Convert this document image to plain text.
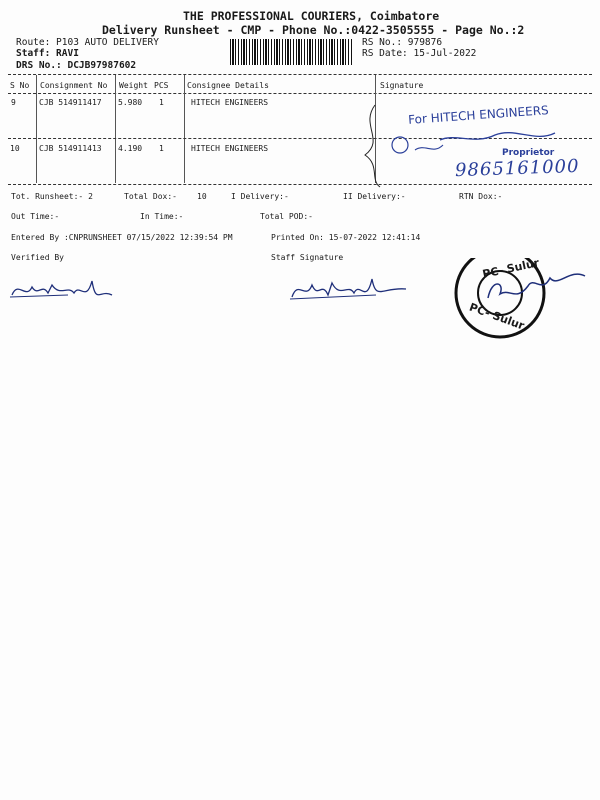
THE PROFESSIONAL COURIERS, Coimbatore
Delivery Runsheet - CMP - Phone No.:0422-3505555 - Page No.:2
Route: P103 AUTO DELIVERY
Staff: RAVI
DRS No.: DCJB97987602
RS No.: 979876
RS Date: 15-Jul-2022
S No Consignment No Weight PCS Consignee Details	Signature
9	CJB 514911417 5.980 1	HITECH ENGINEERS
10 CJB 514911413 4.190 1	HITECH ENGINEERS
For HITECH ENGINEERS
Proprietor
9865161000
Tot. Runsheet:- 2	Total Dox:-	10	I Delivery:-	II Delivery:-	RTN Dox:-
Out Time:-	In Time:-	Total POD:-
Entered By :CNPRUNSHEET 07/15/2022 12:39:54 PM	Printed On: 15-07-2022 12:41:14
Verified By	Staff Signature	PC- Sulur
PC- Sulur
